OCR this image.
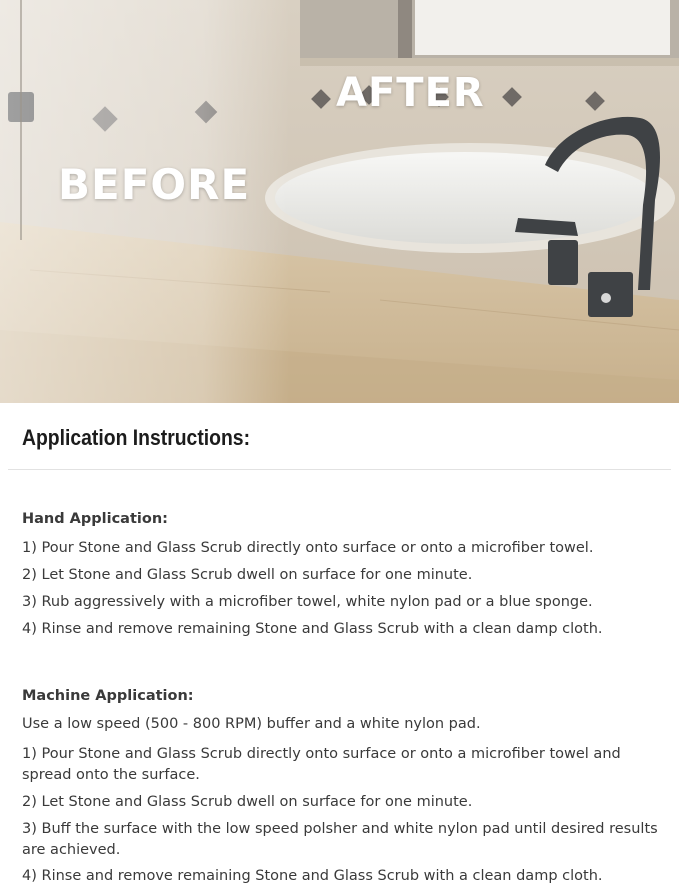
AFTER
BEFORE
Application Instructions:
Hand Application:
1) Pour Stone and Glass Scrub directly onto surface or onto a microfiber towel.
2) Let Stone and Glass Scrub dwell on surface for one minute.
3) Rub aggressively with a microfiber towel, white nylon pad or a blue sponge.
4) Rinse and remove remaining Stone and Glass Scrub with a clean damp cloth.
Machine Application:
Use a low speed (500 - 800 RPM) buffer and a white nylon pad.
1) Pour Stone and Glass Scrub directly onto surface or onto a microfiber towel and spread onto the surface.
2) Let Stone and Glass Scrub dwell on surface for one minute.
3) Buff the surface with the low speed polsher and white nylon pad until desired results are achieved.
4) Rinse and remove remaining Stone and Glass Scrub with a clean damp cloth.
